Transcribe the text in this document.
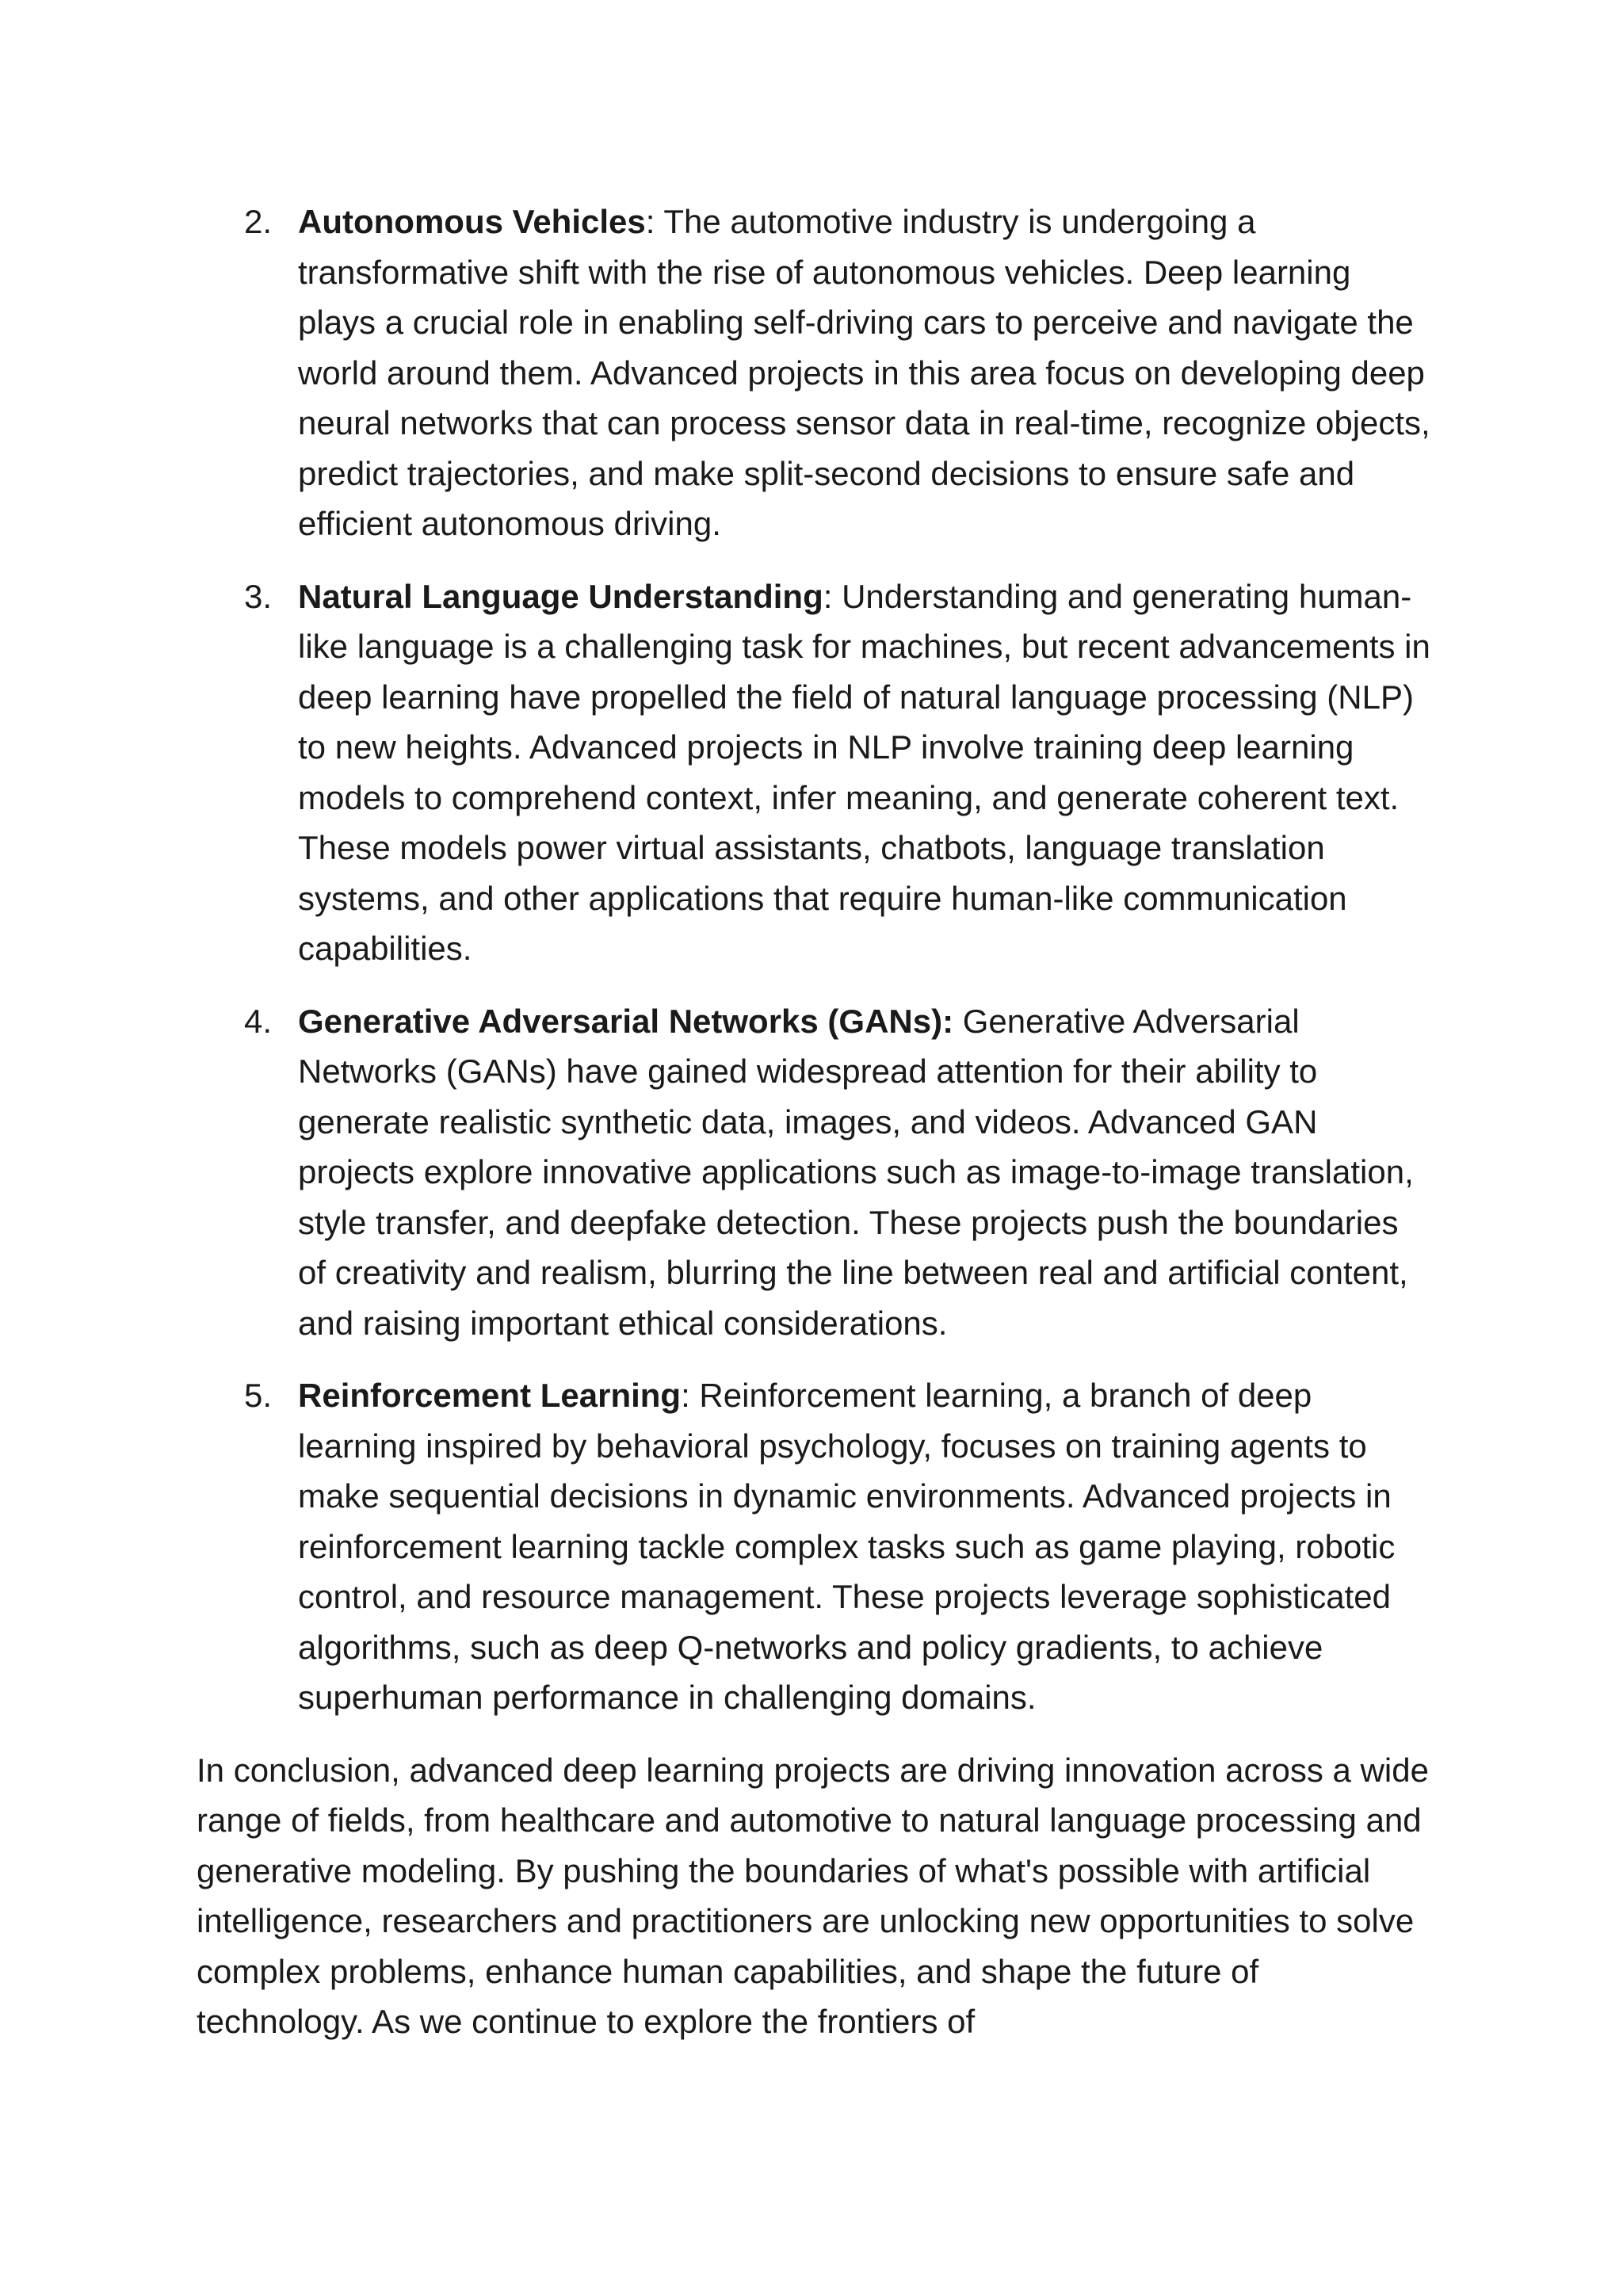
2. Autonomous Vehicles: The automotive industry is undergoing a transformative shift with the rise of autonomous vehicles. Deep learning plays a crucial role in enabling self-driving cars to perceive and navigate the world around them. Advanced projects in this area focus on developing deep neural networks that can process sensor data in real-time, recognize objects, predict trajectories, and make split-second decisions to ensure safe and efficient autonomous driving.
3. Natural Language Understanding: Understanding and generating human-like language is a challenging task for machines, but recent advancements in deep learning have propelled the field of natural language processing (NLP) to new heights. Advanced projects in NLP involve training deep learning models to comprehend context, infer meaning, and generate coherent text. These models power virtual assistants, chatbots, language translation systems, and other applications that require human-like communication capabilities.
4. Generative Adversarial Networks (GANs): Generative Adversarial Networks (GANs) have gained widespread attention for their ability to generate realistic synthetic data, images, and videos. Advanced GAN projects explore innovative applications such as image-to-image translation, style transfer, and deepfake detection. These projects push the boundaries of creativity and realism, blurring the line between real and artificial content, and raising important ethical considerations.
5. Reinforcement Learning: Reinforcement learning, a branch of deep learning inspired by behavioral psychology, focuses on training agents to make sequential decisions in dynamic environments. Advanced projects in reinforcement learning tackle complex tasks such as game playing, robotic control, and resource management. These projects leverage sophisticated algorithms, such as deep Q-networks and policy gradients, to achieve superhuman performance in challenging domains.

In conclusion, advanced deep learning projects are driving innovation across a wide range of fields, from healthcare and automotive to natural language processing and generative modeling. By pushing the boundaries of what's possible with artificial intelligence, researchers and practitioners are unlocking new opportunities to solve complex problems, enhance human capabilities, and shape the future of technology. As we continue to explore the frontiers of
